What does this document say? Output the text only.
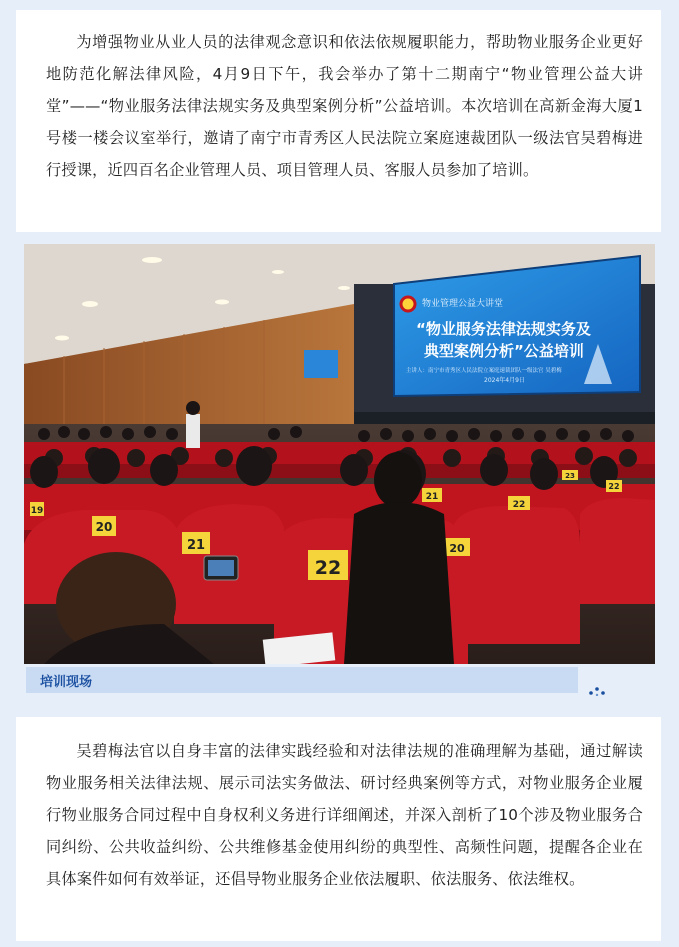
为增强物业从业人员的法律观念意识和依法依规履职能力，帮助物业服务企业更好地防范化解法律风险，4月9日下午，我会举办了第十二期南宁“物业管理公益大讲堂”——“物业服务法律法规实务及典型案例分析”公益培训。本次培训在高新金海大厦1号楼一楼会议室举行，邀请了南宁市青秀区人民法院立案庭速裁团队一级法官吴碧梅进行授课，近四百名企业管理人员、项目管理人员、客服人员参加了培训。

物业管理公益大讲堂
“物业服务法律法规实务及
典型案例分析”公益培训
主讲人：南宁市青秀区人民法院立案庭速裁团队一级法官 吴碧梅
2024年4月9日
19
20
21
22
21
22
22
23
20
培训现场

吴碧梅法官以自身丰富的法律实践经验和对法律法规的准确理解为基础，通过解读物业服务相关法律法规、展示司法实务做法、研讨经典案例等方式，对物业服务企业履行物业服务合同过程中自身权利义务进行详细阐述，并深入剖析了10个涉及物业服务合同纠纷、公共收益纠纷、公共维修基金使用纠纷的典型性、高频性问题，提醒各企业在具体案件如何有效举证，还倡导物业服务企业依法履职、依法服务、依法维权。
